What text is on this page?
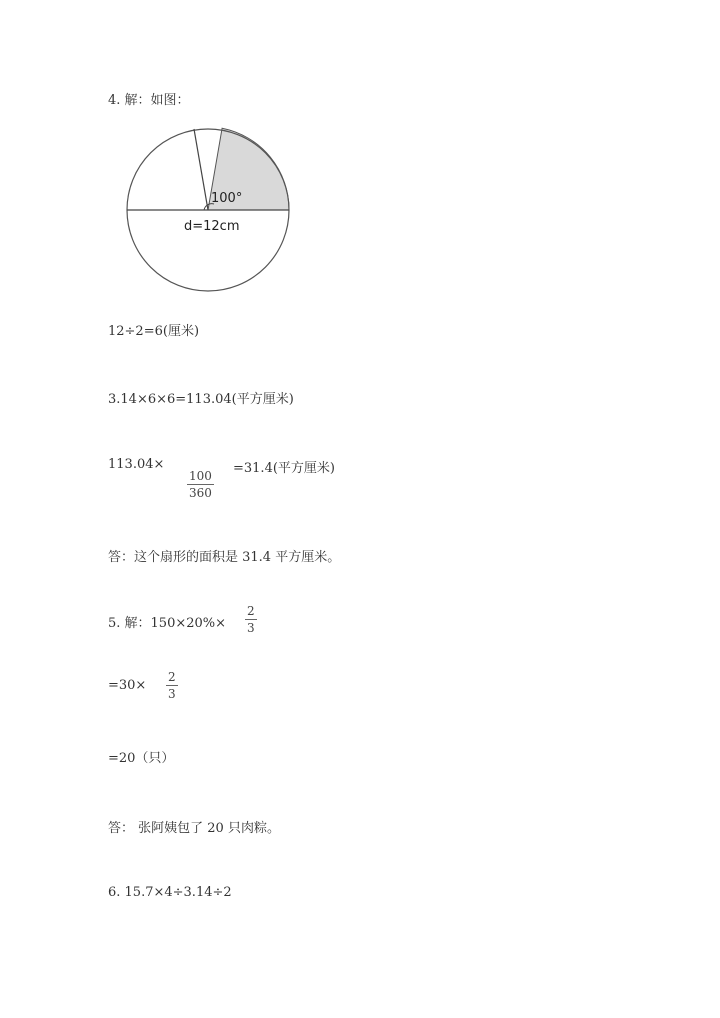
4. 解：如图：
100°
d=12cm
12÷2=6(厘米)
3.14×6×6=113.04(平方厘米)
113.04×
$\frac{100}{360}$
=31.4(平方厘米)
答：这个扇形的面积是 31.4 平方厘米。
5. 解：$150\times 20\%\times \frac{2}{3}$
$=30\times \frac{2}{3}$
=20（只）
答： 张阿姨包了 20 只肉粽。
6. 15.7×4÷3.14÷2
